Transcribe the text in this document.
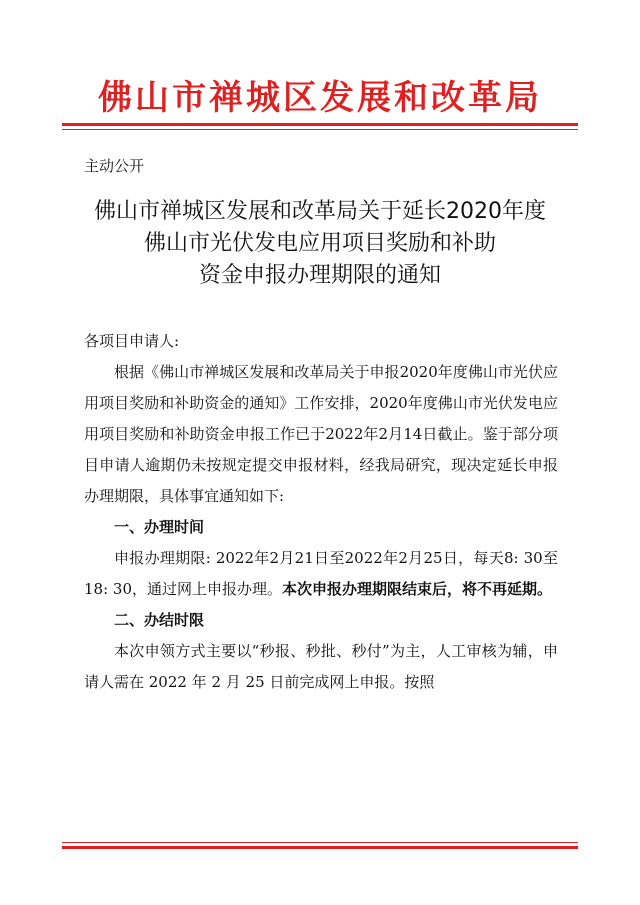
佛山市禅城区发展和改革局
主动公开
佛山市禅城区发展和改革局关于延长2020年度
佛山市光伏发电应用项目奖励和补助
资金申报办理期限的通知

各项目申请人:

根据《佛山市禅城区发展和改革局关于申报2020年度佛山市光伏应用项目奖励和补助资金的通知》工作安排，2020年度佛山市光伏发电应用项目奖励和补助资金申报工作已于2022年2月14日截止。鉴于部分项目申请人逾期仍未按规定提交申报材料，经我局研究，现决定延长申报办理期限，具体事宜通知如下:

一、办理时间

申报办理期限: 2022年2月21日至2022年2月25日，每天8: 30至18: 30，通过网上申报办理。本次申报办理期限结束后，将不再延期。

二、办结时限

本次申领方式主要以“秒报、秒批、秒付”为主，人工审核为辅，申请人需在 2022 年 2 月 25 日前完成网上申报。按照
